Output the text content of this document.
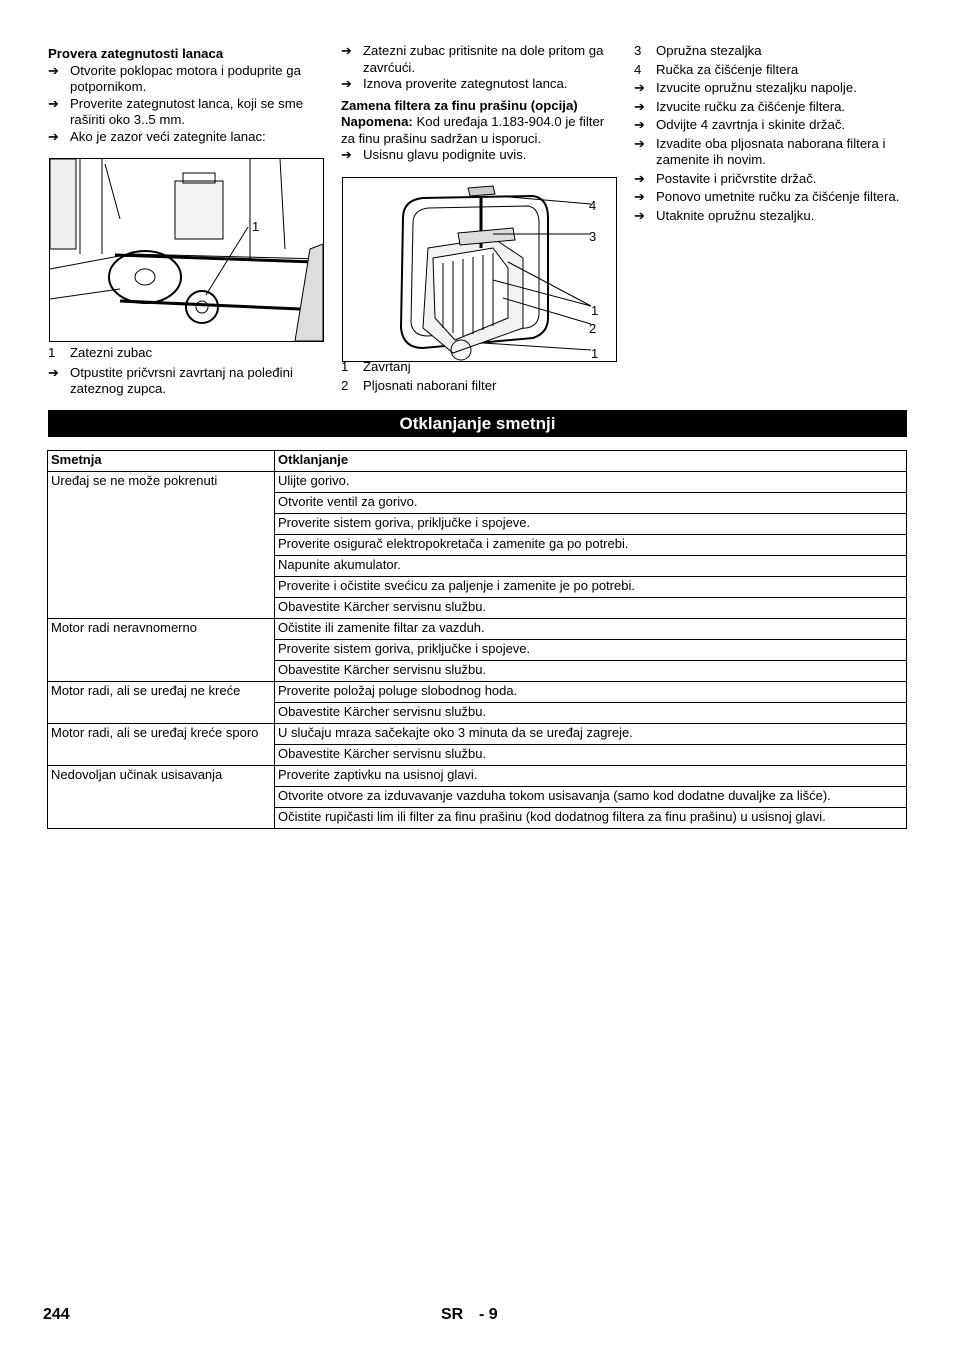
Provera zategnutosti lanaca
➔ Otvorite poklopac motora i poduprite ga potpornikom.
➔ Proverite zategnutost lanca, koji se sme raširiti oko 3..5 mm.
➔ Ako je zazor veći zategnite lanac:
1
1	Zatezni zubac
➔ Otpustite pričvrsni zavrtanj na poleđini zateznog zupca.
➔ Zatezni zubac pritisnite na dole pritom ga zavrćući.
➔ Iznova proverite zategnutost lanca.
Zamena filtera za finu prašinu (opcija)
Napomena: Kod uređaja 1.183-904.0 je filter za finu prašinu sadržan u isporuci.
➔ Usisnu glavu podignite uvis.
4
3
1
2
1
1	Zavrtanj
2	Pljosnati naborani filter
3	Opružna stezaljka
4	Ručka za čišćenje filtera
➔ Izvucite opružnu stezaljku napolje.
➔ Izvucite ručku za čišćenje filtera.
➔ Odvijte 4 zavrtnja i skinite držač.
➔ Izvadite oba pljosnata naborana filtera i zamenite ih novim.
➔ Postavite i pričvrstite držač.
➔ Ponovo umetnite ručku za čišćenje filtera.
➔ Utaknite opružnu stezaljku.
Otklanjanje smetnji
Smetnja	Otklanjanje
Uređaj se ne može pokrenuti	Ulijte gorivo.
	Otvorite ventil za gorivo.
	Proverite sistem goriva, priključke i spojeve.
	Proverite osigurač elektropokretača i zamenite ga po potrebi.
	Napunite akumulator.
	Proverite i očistite svećicu za paljenje i zamenite je po potrebi.
	Obavestite Kärcher servisnu službu.
Motor radi neravnomerno	Očistite ili zamenite filtar za vazduh.
	Proverite sistem goriva, priključke i spojeve.
	Obavestite Kärcher servisnu službu.
Motor radi, ali se uređaj ne kreće	Proverite položaj poluge slobodnog hoda.
	Obavestite Kärcher servisnu službu.
Motor radi, ali se uređaj kreće sporo	U slučaju mraza sačekajte oko 3 minuta da se uređaj zagreje.
	Obavestite Kärcher servisnu službu.
Nedovoljan učinak usisavanja	Proverite zaptivku na usisnoj glavi.
	Otvorite otvore za izduvavanje vazduha tokom usisavanja (samo kod dodatne duvaljke za lišće).
	Očistite rupičasti lim ili filter za finu prašinu (kod dodatnog filtera za finu prašinu) u usisnoj glavi.
244	SR - 9
